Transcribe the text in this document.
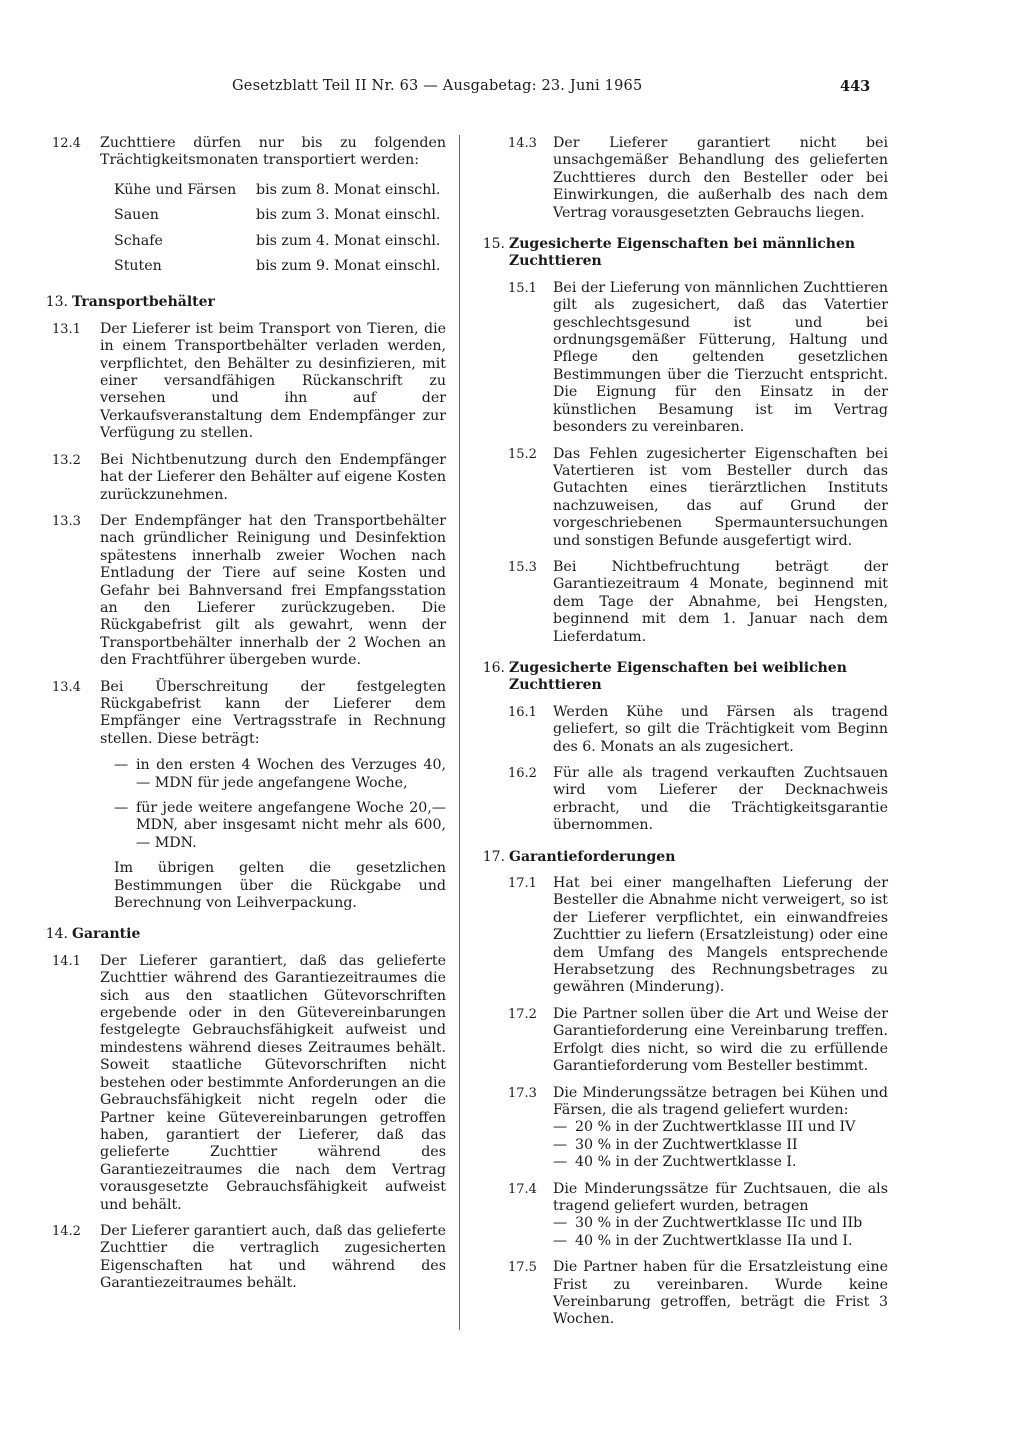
Gesetzblatt Teil II Nr. 63 — Ausgabetag: 23. Juni 1965	443
12.4	Zuchttiere dürfen nur bis zu folgenden Trächtigkeitsmonaten transportiert werden:
Kühe und Färsen	bis zum 8. Monat einschl.
Sauen	bis zum 3. Monat einschl.
Schafe	bis zum 4. Monat einschl.
Stuten	bis zum 9. Monat einschl.
13. Transportbehälter
13.1	Der Lieferer ist beim Transport von Tieren, die in einem Transportbehälter verladen werden, verpflichtet, den Behälter zu desinfizieren, mit einer versandfähigen Rückanschrift zu versehen und ihn auf der Verkaufsveranstaltung dem Endempfänger zur Verfügung zu stellen.
13.2	Bei Nichtbenutzung durch den Endempfänger hat der Lieferer den Behälter auf eigene Kosten zurückzunehmen.
13.3	Der Endempfänger hat den Transportbehälter nach gründlicher Reinigung und Desinfektion spätestens innerhalb zweier Wochen nach Entladung der Tiere auf seine Kosten und Gefahr bei Bahnversand frei Empfangsstation an den Lieferer zurückzugeben. Die Rückgabefrist gilt als gewahrt, wenn der Transportbehälter innerhalb der 2 Wochen an den Frachtführer übergeben wurde.
13.4	Bei Überschreitung der festgelegten Rückgabefrist kann der Lieferer dem Empfänger eine Vertragsstrafe in Rechnung stellen. Diese beträgt:
— in den ersten 4 Wochen des Verzuges 40,— MDN für jede angefangene Woche,
— für jede weitere angefangene Woche 20,— MDN, aber insgesamt nicht mehr als 600,— MDN.
Im übrigen gelten die gesetzlichen Bestimmungen über die Rückgabe und Berechnung von Leihverpackung.
14. Garantie
14.1	Der Lieferer garantiert, daß das gelieferte Zuchttier während des Garantiezeitraumes die sich aus den staatlichen Gütevorschriften ergebende oder in den Gütevereinbarungen festgelegte Gebrauchsfähigkeit aufweist und mindestens während dieses Zeitraumes behält. Soweit staatliche Gütevorschriften nicht bestehen oder bestimmte Anforderungen an die Gebrauchsfähigkeit nicht regeln oder die Partner keine Gütevereinbarungen getroffen haben, garantiert der Lieferer, daß das gelieferte Zuchttier während des Garantiezeitraumes die nach dem Vertrag vorausgesetzte Gebrauchsfähigkeit aufweist und behält.
14.2	Der Lieferer garantiert auch, daß das gelieferte Zuchttier die vertraglich zugesicherten Eigenschaften hat und während des Garantiezeitraumes behält.
14.3	Der Lieferer garantiert nicht bei unsachgemäßer Behandlung des gelieferten Zuchttieres durch den Besteller oder bei Einwirkungen, die außerhalb des nach dem Vertrag vorausgesetzten Gebrauchs liegen.
15. Zugesicherte Eigenschaften bei männlichen Zuchttieren
15.1	Bei der Lieferung von männlichen Zuchttieren gilt als zugesichert, daß das Vatertier geschlechtsgesund ist und bei ordnungsgemäßer Fütterung, Haltung und Pflege den geltenden gesetzlichen Bestimmungen über die Tierzucht entspricht. Die Eignung für den Einsatz in der künstlichen Besamung ist im Vertrag besonders zu vereinbaren.
15.2	Das Fehlen zugesicherter Eigenschaften bei Vatertieren ist vom Besteller durch das Gutachten eines tierärztlichen Instituts nachzuweisen, das auf Grund der vorgeschriebenen Spermauntersuchungen und sonstigen Befunde ausgefertigt wird.
15.3	Bei Nichtbefruchtung beträgt der Garantiezeitraum 4 Monate, beginnend mit dem Tage der Abnahme, bei Hengsten, beginnend mit dem 1. Januar nach dem Lieferdatum.
16. Zugesicherte Eigenschaften bei weiblichen Zuchttieren
16.1	Werden Kühe und Färsen als tragend geliefert, so gilt die Trächtigkeit vom Beginn des 6. Monats an als zugesichert.
16.2	Für alle als tragend verkauften Zuchtsauen wird vom Lieferer der Decknachweis erbracht, und die Trächtigkeitsgarantie übernommen.
17. Garantieforderungen
17.1	Hat bei einer mangelhaften Lieferung der Besteller die Abnahme nicht verweigert, so ist der Lieferer verpflichtet, ein einwandfreies Zuchttier zu liefern (Ersatzleistung) oder eine dem Umfang des Mangels entsprechende Herabsetzung des Rechnungsbetrages zu gewähren (Minderung).
17.2	Die Partner sollen über die Art und Weise der Garantieforderung eine Vereinbarung treffen. Erfolgt dies nicht, so wird die zu erfüllende Garantieforderung vom Besteller bestimmt.
17.3	Die Minderungssätze betragen bei Kühen und Färsen, die als tragend geliefert wurden:
— 20 % in der Zuchtwertklasse III und IV
— 30 % in der Zuchtwertklasse II
— 40 % in der Zuchtwertklasse I.
17.4	Die Minderungssätze für Zuchtsauen, die als tragend geliefert wurden, betragen
— 30 % in der Zuchtwertklasse IIc und IIb
— 40 % in der Zuchtwertklasse IIa und I.
17.5	Die Partner haben für die Ersatzleistung eine Frist zu vereinbaren. Wurde keine Vereinbarung getroffen, beträgt die Frist 3 Wochen.
